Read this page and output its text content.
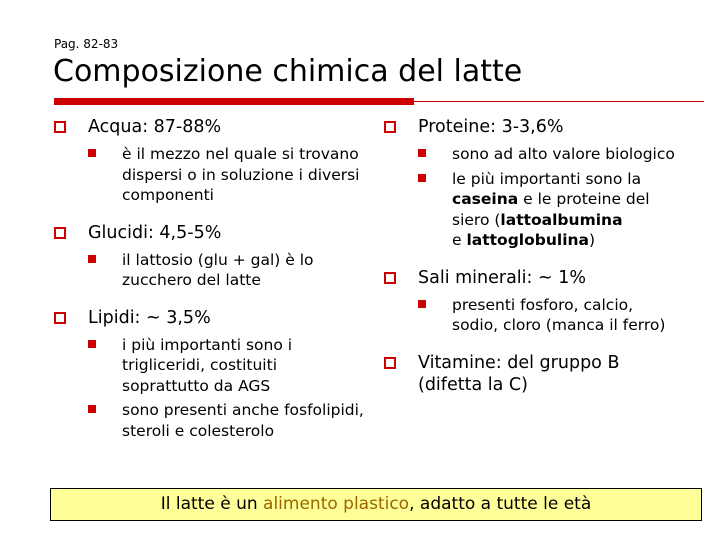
Pag. 82-83
Composizione chimica del latte
Acqua: 87-88%
è il mezzo nel quale si trovano dispersi o in soluzione i diversi componenti
Glucidi: 4,5-5%
il lattosio (glu + gal) è lo zucchero del latte
Lipidi: ~ 3,5%
i più importanti sono i trigliceridi, costituiti soprattutto da AGS
sono presenti anche fosfolipidi, steroli e colesterolo
Proteine: 3-3,6%
sono ad alto valore biologico
le più importanti sono la caseina e le proteine del siero (lattoalbumina
e lattoglobulina)
Sali minerali: ~ 1%
presenti fosforo, calcio, sodio, cloro (manca il ferro)
Vitamine: del gruppo B (difetta la C)
Il latte è un alimento plastico, adatto a tutte le età
